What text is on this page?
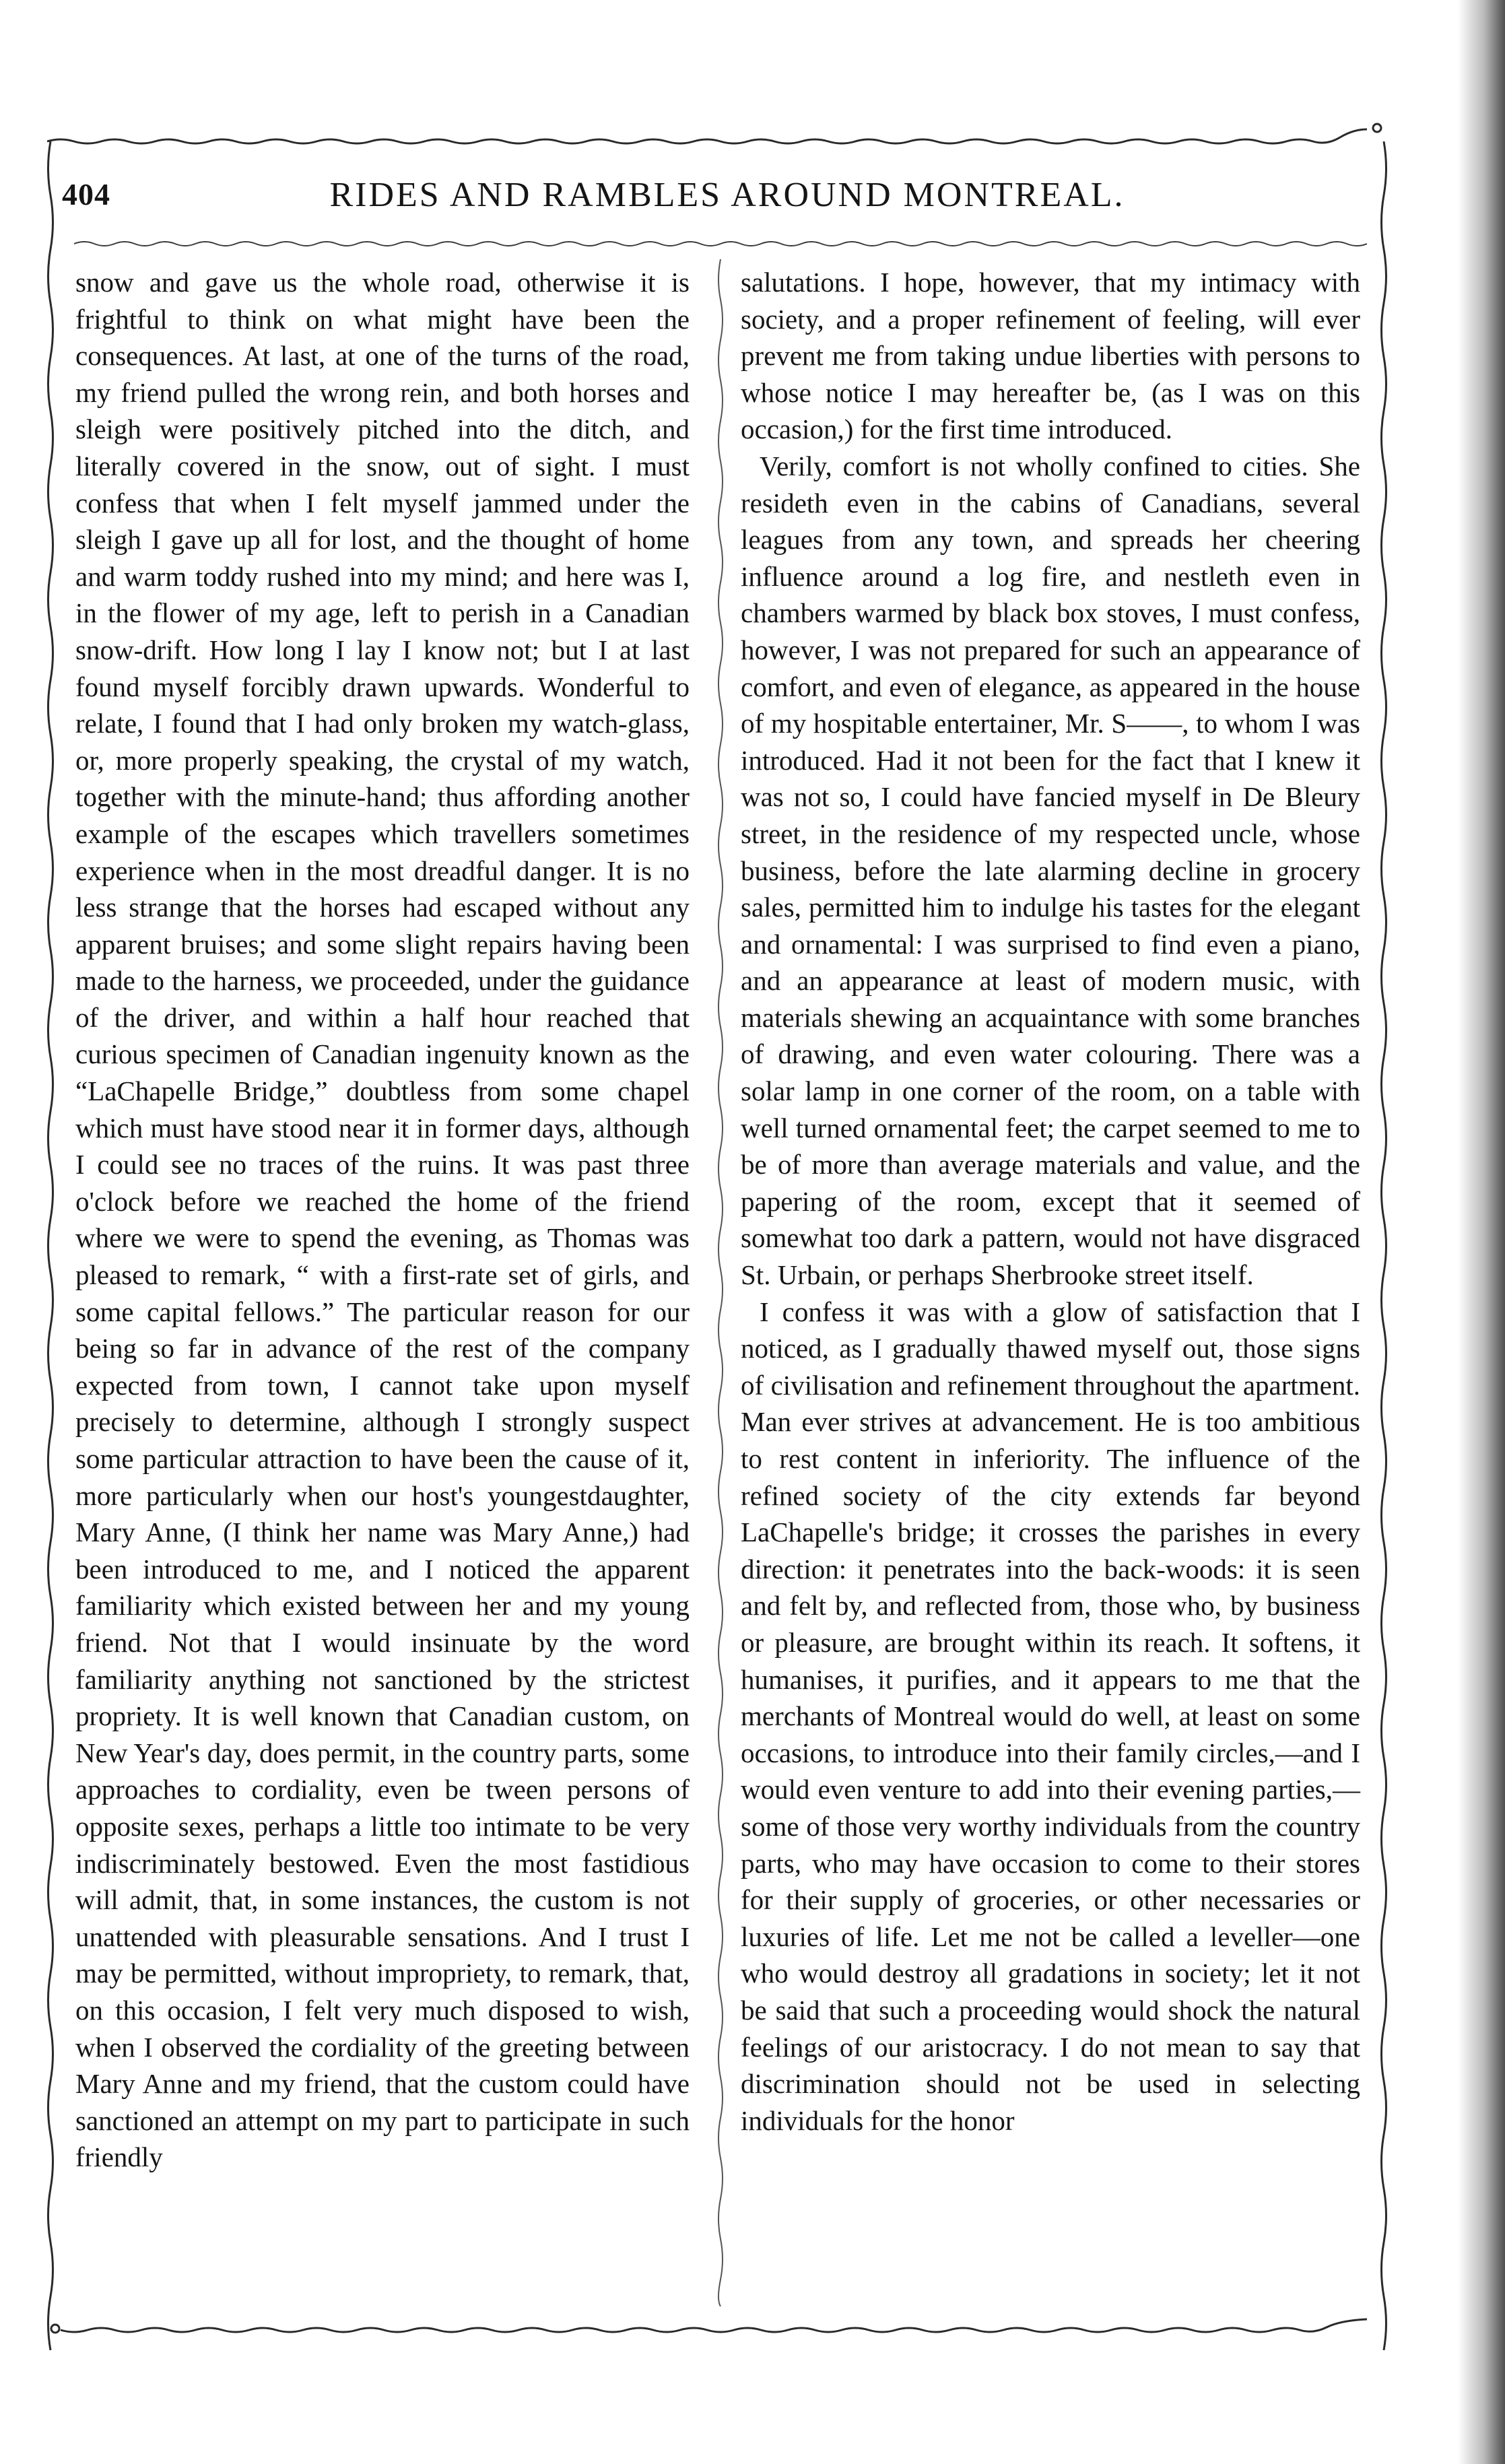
404	RIDES AND RAMBLES AROUND MONTREAL.

snow and gave us the whole road, otherwise it is frightful to think on what might have been the consequences. At last, at one of the turns of the road, my friend pulled the wrong rein, and both horses and sleigh were positively pitched into the ditch, and literally covered in the snow, out of sight. I must confess that when I felt myself jammed under the sleigh I gave up all for lost, and the thought of home and warm toddy rushed into my mind; and here was I, in the flower of my age, left to perish in a Canadian snow-drift. How long I lay I know not; but I at last found myself forcibly drawn upwards. Wonderful to relate, I found that I had only broken my watch-glass, or, more properly speaking, the crystal of my watch, together with the minute-hand; thus affording another example of the escapes which travellers sometimes experience when in the most dreadful danger. It is no less strange that the horses had escaped without any apparent bruises; and some slight repairs having been made to the harness, we proceeded, under the guidance of the driver, and within a half hour reached that curious specimen of Canadian ingenuity known as the “LaChapelle Bridge,” doubtless from some chapel which must have stood near it in former days, although I could see no traces of the ruins. It was past three o'clock before we reached the home of the friend where we were to spend the evening, as Thomas was pleased to remark, “ with a first-rate set of girls, and some capital fellows.” The particular reason for our being so far in advance of the rest of the company expected from town, I cannot take upon myself precisely to determine, although I strongly suspect some particular attraction to have been the cause of it, more particularly when our host's youngestdaughter, Mary Anne, (I think her name was Mary Anne,) had been introduced to me, and I noticed the apparent familiarity which existed between her and my young friend. Not that I would insinuate by the word familiarity anything not sanctioned by the strictest propriety. It is well known that Canadian custom, on New Year's day, does permit, in the country parts, some approaches to cordiality, even be tween persons of opposite sexes, perhaps a little too intimate to be very indiscriminately bestowed. Even the most fastidious will admit, that, in some instances, the custom is not unattended with pleasurable sensations. And I trust I may be permitted, without impropriety, to remark, that, on this occasion, I felt very much disposed to wish, when I observed the cordiality of the greeting between Mary Anne and my friend, that the custom could have sanctioned an attempt on my part to participate in such friendly

salutations. I hope, however, that my intimacy with society, and a proper refinement of feeling, will ever prevent me from taking undue liberties with persons to whose notice I may hereafter be, (as I was on this occasion,) for the first time introduced.

Verily, comfort is not wholly confined to cities. She resideth even in the cabins of Canadians, several leagues from any town, and spreads her cheering influence around a log fire, and nestleth even in chambers warmed by black box stoves, I must confess, however, I was not prepared for such an appearance of comfort, and even of elegance, as appeared in the house of my hospitable entertainer, Mr. S——, to whom I was introduced. Had it not been for the fact that I knew it was not so, I could have fancied myself in De Bleury street, in the residence of my respected uncle, whose business, before the late alarming decline in grocery sales, permitted him to indulge his tastes for the elegant and ornamental: I was surprised to find even a piano, and an appearance at least of modern music, with materials shewing an acquaintance with some branches of drawing, and even water colouring. There was a solar lamp in one corner of the room, on a table with well turned ornamental feet; the carpet seemed to me to be of more than average materials and value, and the papering of the room, except that it seemed of somewhat too dark a pattern, would not have disgraced St. Urbain, or perhaps Sherbrooke street itself.

I confess it was with a glow of satisfaction that I noticed, as I gradually thawed myself out, those signs of civilisation and refinement throughout the apartment. Man ever strives at advancement. He is too ambitious to rest content in inferiority. The influence of the refined society of the city extends far beyond LaChapelle's bridge; it crosses the parishes in every direction: it penetrates into the back-woods: it is seen and felt by, and reflected from, those who, by business or pleasure, are brought within its reach. It softens, it humanises, it purifies, and it appears to me that the merchants of Montreal would do well, at least on some occasions, to introduce into their family circles,—and I would even venture to add into their evening parties,—some of those very worthy individuals from the country parts, who may have occasion to come to their stores for their supply of groceries, or other necessaries or luxuries of life. Let me not be called a leveller—one who would destroy all gradations in society; let it not be said that such a proceeding would shock the natural feelings of our aristocracy. I do not mean to say that discrimination should not be used in selecting individuals for the honor
